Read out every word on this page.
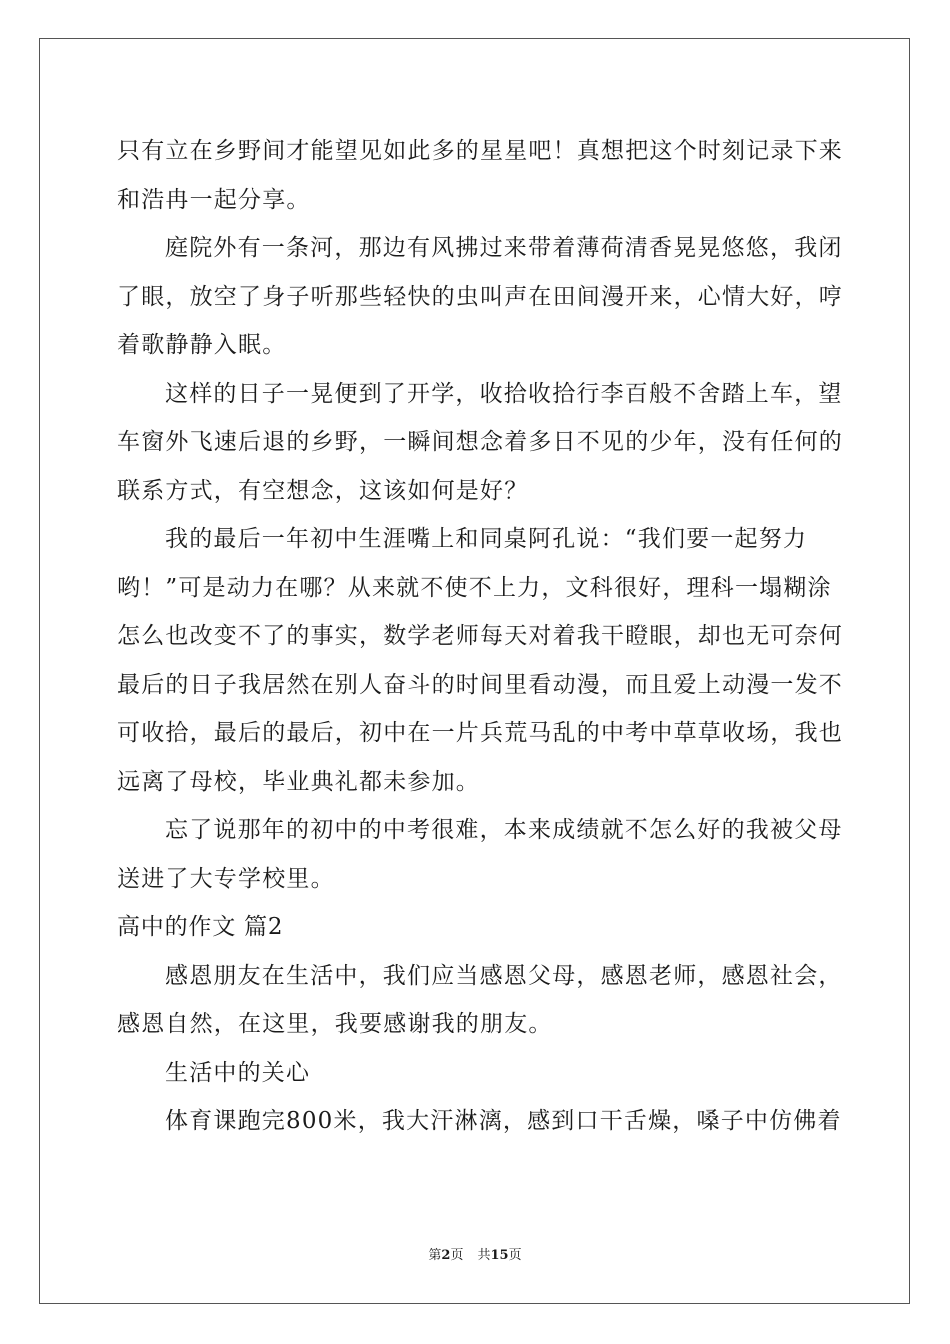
只有立在乡野间才能望见如此多的星星吧！真想把这个时刻记录下来
和浩冉一起分享。
庭院外有一条河，那边有风拂过来带着薄荷清香晃晃悠悠，我闭
了眼，放空了身子听那些轻快的虫叫声在田间漫开来，心情大好，哼
着歌静静入眠。
这样的日子一晃便到了开学，收拾收拾行李百般不舍踏上车，望
车窗外飞速后退的乡野，一瞬间想念着多日不见的少年，没有任何的
联系方式，有空想念，这该如何是好？
我的最后一年初中生涯嘴上和同桌阿孔说：“我们要一起努力
哟！”可是动力在哪？从来就不使不上力，文科很好，理科一塌糊涂
怎么也改变不了的事实，数学老师每天对着我干瞪眼，却也无可奈何
最后的日子我居然在别人奋斗的时间里看动漫，而且爱上动漫一发不
可收拾，最后的最后，初中在一片兵荒马乱的中考中草草收场，我也
远离了母校，毕业典礼都未参加。
忘了说那年的初中的中考很难，本来成绩就不怎么好的我被父母
送进了大专学校里。
高中的作文 篇2
感恩朋友在生活中，我们应当感恩父母，感恩老师，感恩社会，
感恩自然，在这里，我要感谢我的朋友。
生活中的关心
体育课跑完800米，我大汗淋漓，感到口干舌燥，嗓子中仿佛着
第2页 共15页
